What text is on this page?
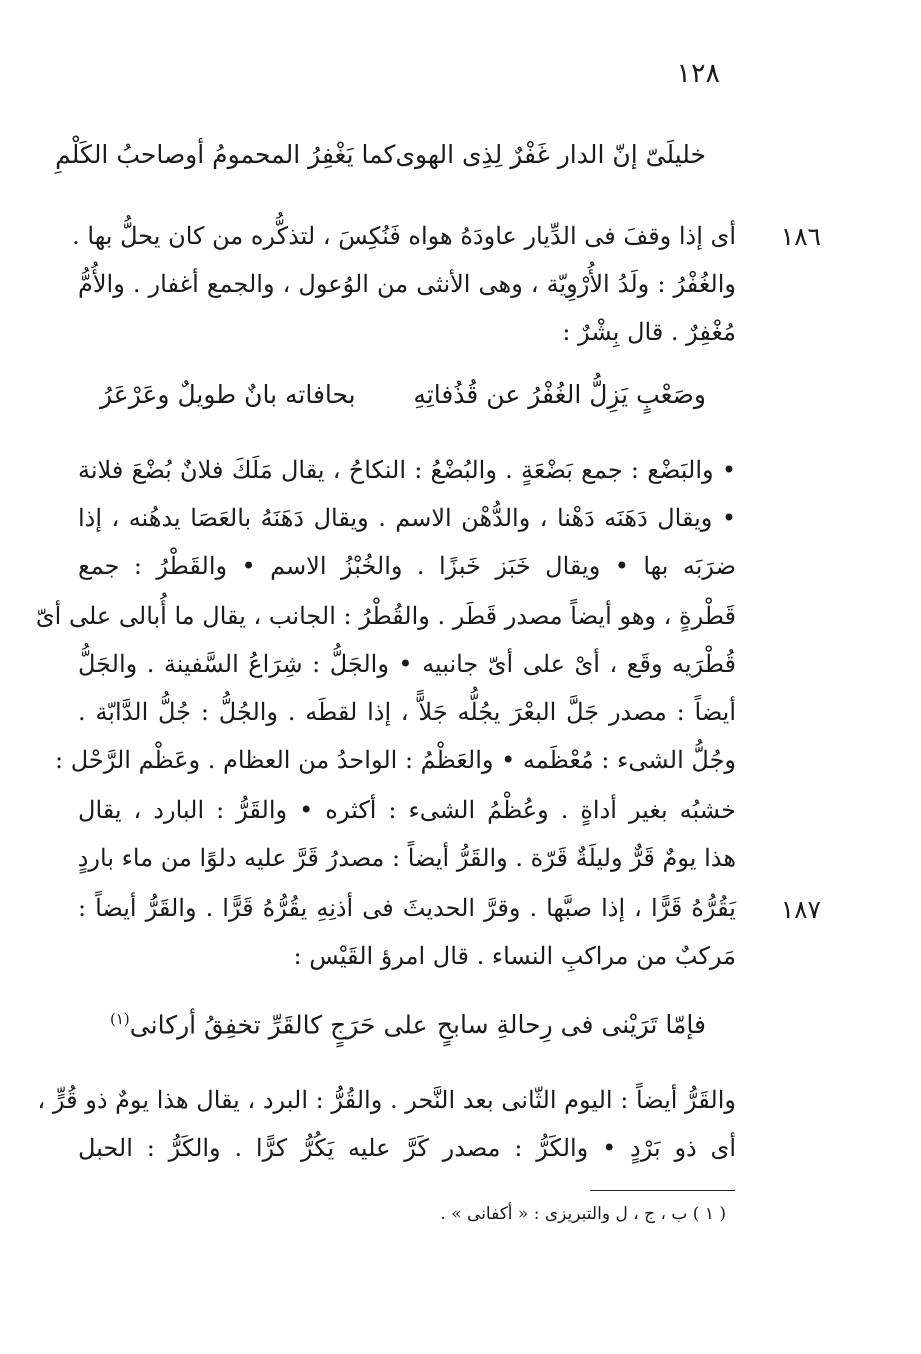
١٢٨
خليلَىّ إنّ الدار غَفْرٌ لِذِى الهوى
كما يَغْفِرُ المحمومُ أوصاحبُ الكَلْمِ
١٨٦
أى إذا وقفَ فى الدِّيار عاودَهُ هواه فَنُكِسَ ، لتذكُّره من كان يحلُّ بها .
والغُفْرُ : ولَدُ الأُرْوِيّة ، وهى الأنثى من الوُعول ، والجمع أغفار . والأُمُّ
مُغْفِرٌ . قال بِشْرٌ :
وصَعْبٍ يَزِلُّ الغُفْرُ عن قُذُفاتِهِ
بحافاته بانٌ طويلٌ وعَرْعَرُ
• والبَضْع : جمع بَضْعَةٍ . والبُضْعُ : النكاحُ ، يقال مَلَكَ فلانٌ بُضْعَ فلانة
• ويقال دَهَنَه دَهْنا ، والدُّهْن الاسم . ويقال دَهَنَهُ بالعَصَا يدهُنه ، إذا
ضرَبَه بها • ويقال خَبَز خَبزًا . والخُبْزُ الاسم • والقَطْرُ : جمع
قَطْرةٍ ، وهو أيضاً مصدر قَطَر . والقُطْرُ : الجانب ، يقال ما أُبالى على أىّ
قُطْرَيه وقَع ، أىْ على أىّ جانبيه • والجَلُّ : شِرَاعُ السَّفينة . والجَلُّ
أيضاً : مصدر جَلَّ البعْرَ يجُلُّه جَلاًّ ، إذا لقطَه . والجُلُّ : جُلُّ الدَّابّة .
وجُلُّ الشىء : مُعْظَمه • والعَظْمُ : الواحدُ من العظام . وعَظْم الرَّحْل :
خشبُه بغير أداةٍ . وعُظْمُ الشىء : أكثره • والقَرُّ : البارد ، يقال
هذا يومٌ قَرٌّ وليلَةٌ قَرّة . والقَرُّ أيضاً : مصدرُ قَرَّ عليه دلوًا من ماء باردٍ
١٨٧
يَقُرُّهُ قَرًّا ، إذا صبَّها . وقرَّ الحديثَ فى أذنِهِ يقُرُّهُ قَرًّا . والقَرُّ أيضاً :
مَركبٌ من مراكبِ النساء . قال امرؤ القَيْس :
فإمّا تَرَيْنى فى رِحالةِ سابحٍ
على حَرَجٍ كالقَرِّ تخفِقُ أركانى$^{(١)}$
والقَرُّ أيضاً : اليوم الثّانى بعد النَّحر . والقُرُّ : البرد ، يقال هذا يومٌ ذو قُرٍّ ،
أى ذو بَرْدٍ • والكَرُّ : مصدر كَرَّ عليه يَكُرُّ كرًّا . والكَرُّ : الحبل
( ١ ) ب ، ج ، ل والتبريزى : « أكفانى » .
